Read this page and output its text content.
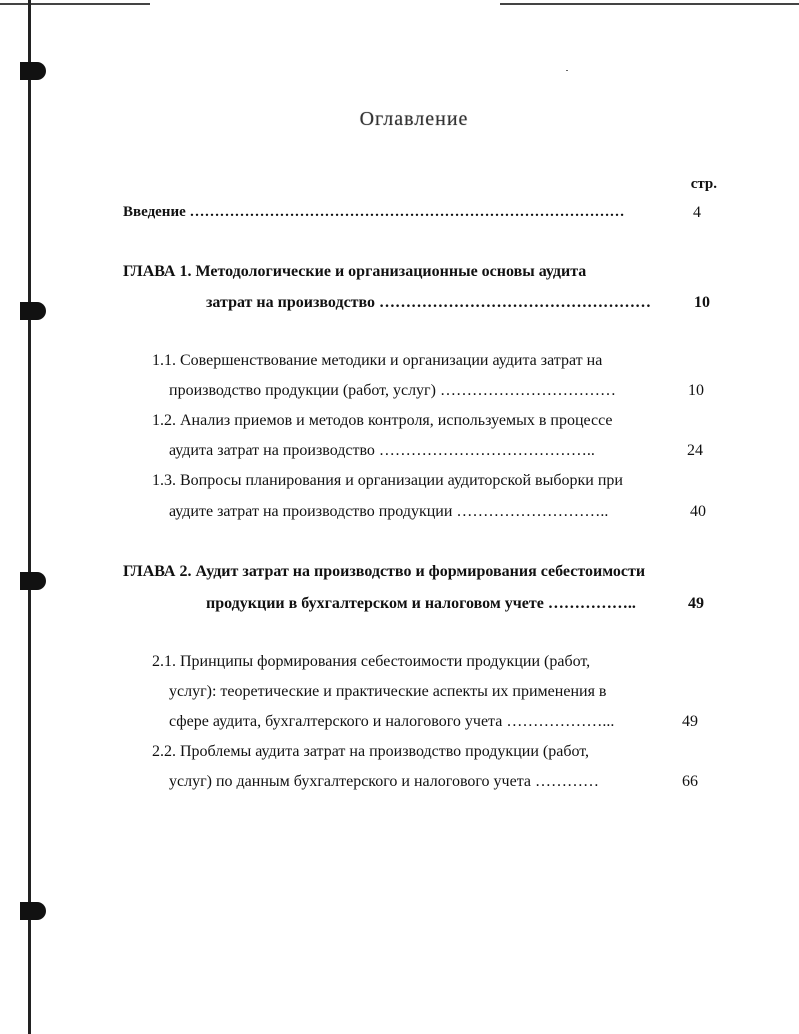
Оглавление
стр.
Введение ……………………………………………………………………………	4
ГЛАВА 1. Методологические и организационные основы аудита
затрат на производство ……………………………………………	10
1.1. Совершенствование методики и организации аудита затрат на
производство продукции (работ, услуг) ……………………………	10
1.2. Анализ приемов и методов контроля, используемых в процессе
аудита затрат на производство …………………………………..	24
1.3. Вопросы планирования и организации аудиторской выборки при
аудите затрат на производство продукции ………………………..	40
ГЛАВА 2. Аудит затрат на производство и формирования себестоимости
продукции в бухгалтерском и налоговом учете ……………..	49
2.1. Принципы формирования себестоимости продукции (работ,
услуг): теоретические и практические аспекты их применения в
сфере аудита, бухгалтерского и налогового учета ………………...	49
2.2. Проблемы аудита затрат на производство продукции (работ,
услуг) по данным бухгалтерского и налогового учета …………	66
